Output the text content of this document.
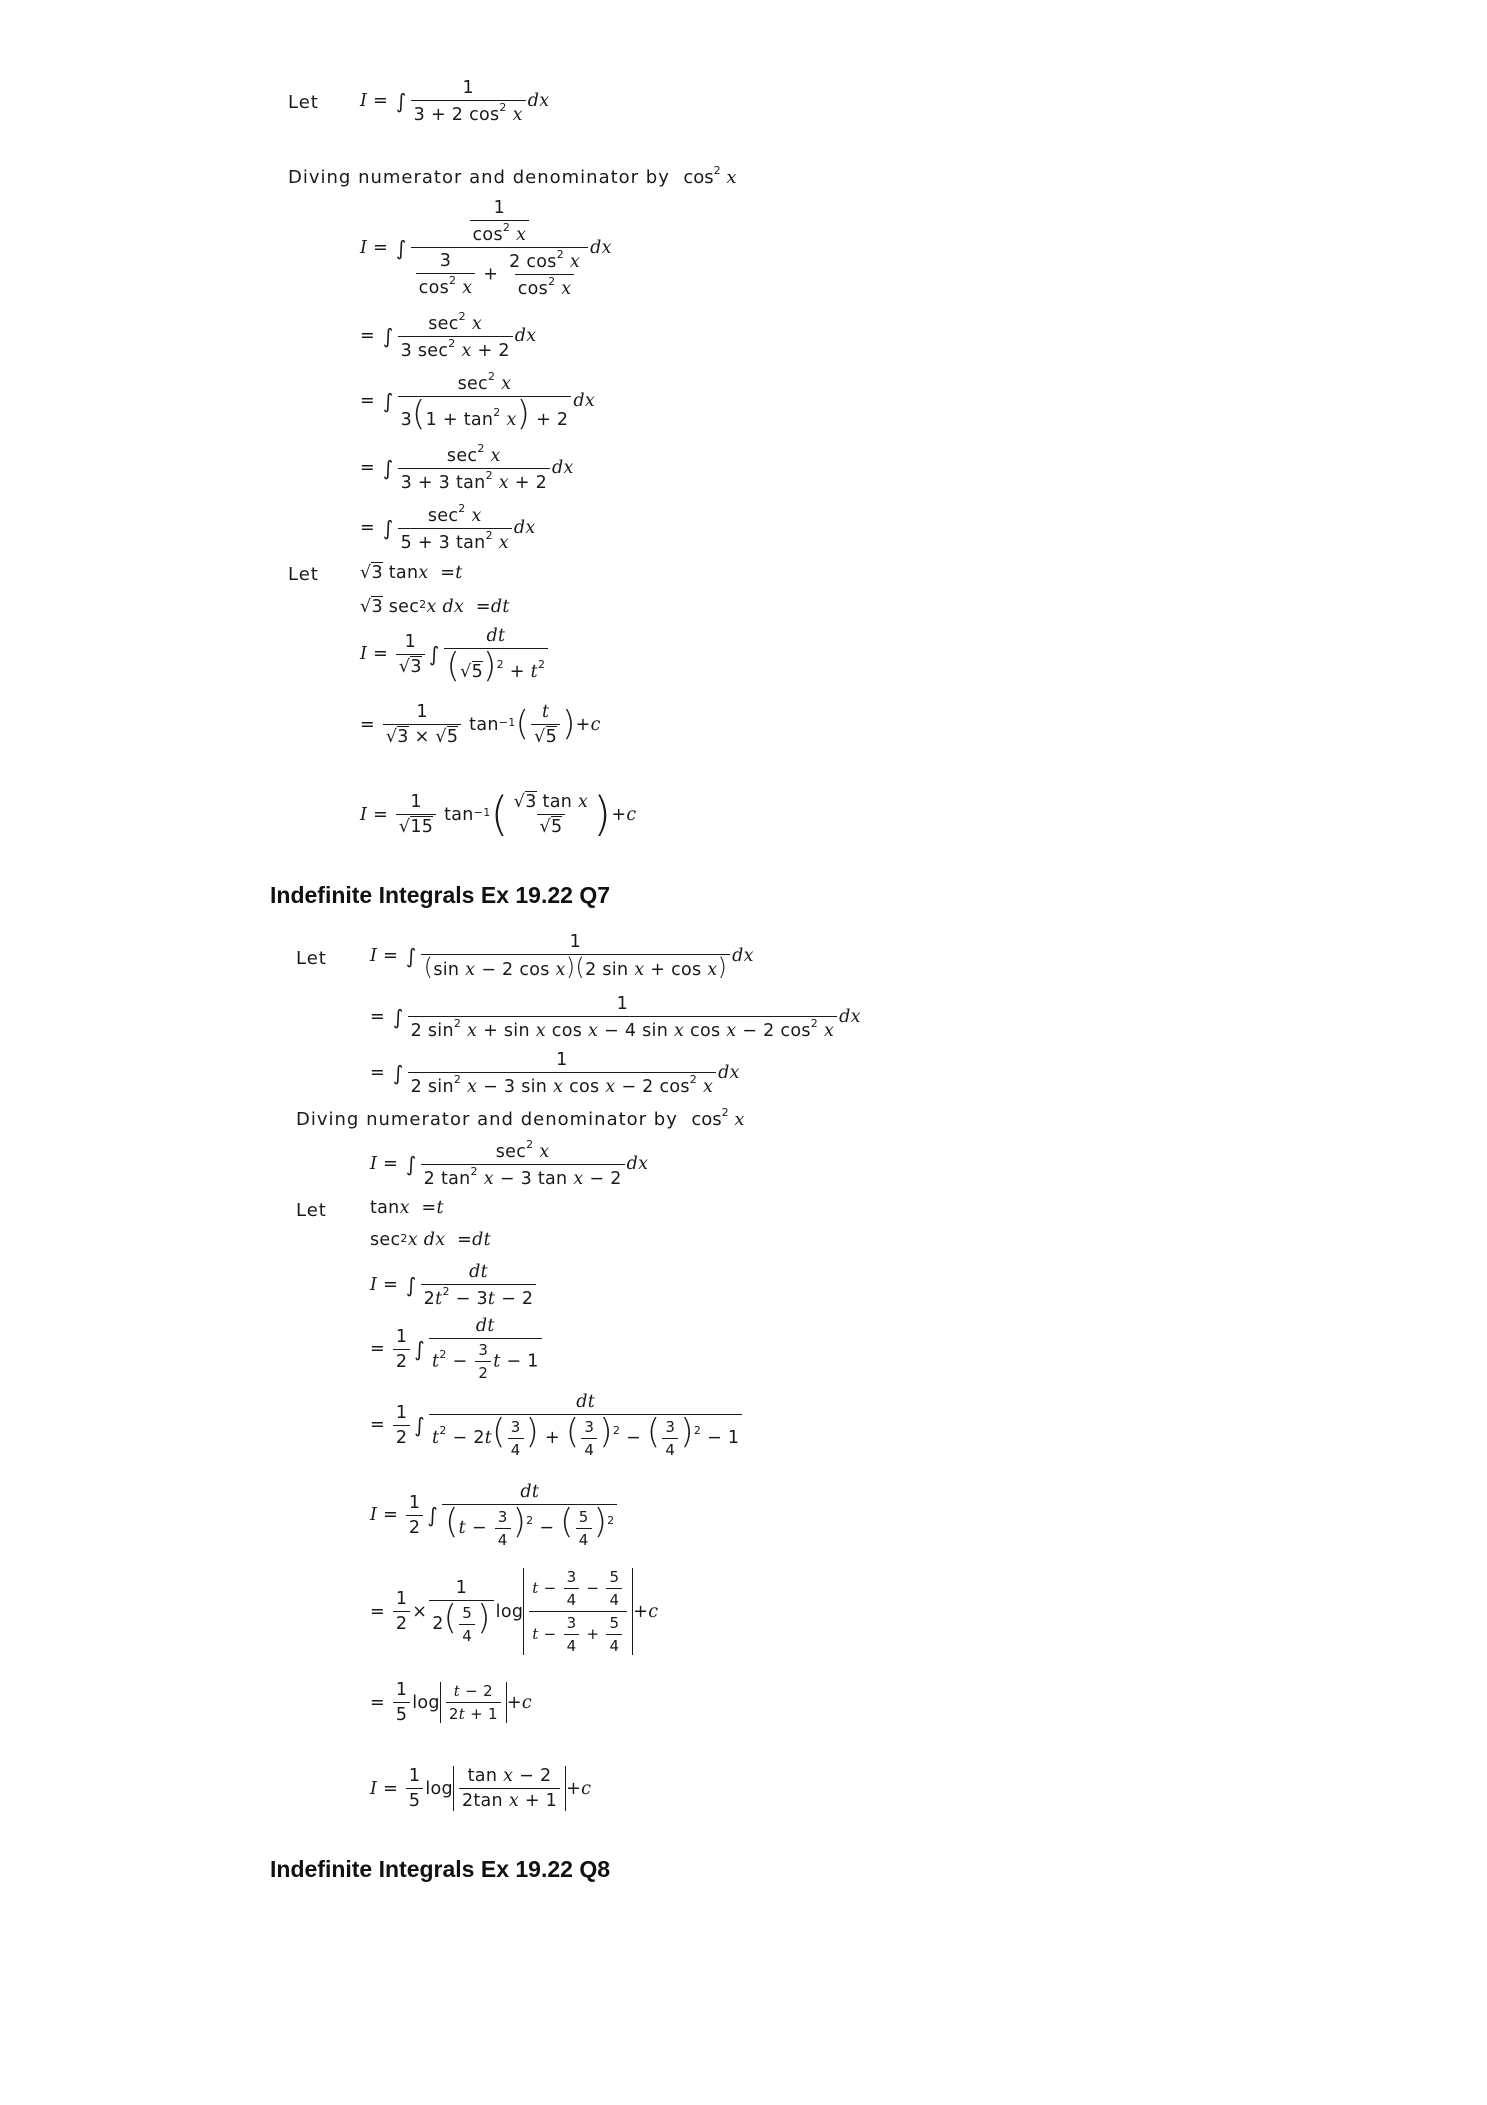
Let I = ∫ $\frac{1}{3 + 2 \cos^2 x}$ dx
Diving numerator and denominator by $\cos^2 x$
I = ∫ $\frac{\frac{1}{\cos^2 x}}{\frac{3}{\cos^2 x} + \frac{2 \cos^2 x}{\cos^2 x}}$ dx
= ∫ $\frac{\sec^2 x}{3 \sec^2 x + 2}$ dx
= ∫ $\frac{\sec^2 x}{3(1 + \tan^2 x) + 2}$ dx
= ∫ $\frac{\sec^2 x}{3 + 3 \tan^2 x + 2}$ dx
= ∫ $\frac{\sec^2 x}{5 + 3 \tan^2 x}$ dx
Let √	3 tan x = t
√
3 $\sec^2 x$ dx = dt
I = 1
√ 3 ∫ $\frac{dt}{( √ 5)^2 + t^2}$
= 1
√ 3 × √ 5 $\tan^{-1}$ ( t
√ 5 ) + c
I = 1
√ 15 $\tan^{-1}$ ( √ 3 tan x
√ 5 ) + c
Indefinite Integrals Ex 19.22 Q7
Let I = ∫ $\frac{1}{\text{(sin x − 2 cos x)(2 sin x + cos x)}}$ dx
= ∫ $\frac{1}{2 \sin^2 x + \sin x \cos x - 4 \sin x \cos x - 2 \cos^2 x}$ dx
= ∫ $\frac{1}{2 \sin^2 x - 3 \sin x \cos x - 2 \cos^2 x}$ dx
Diving numerator and denominator by $\cos^2 x$
I = ∫ $\frac{\sec^2 x}{2 \tan^2 x - 3 \tan x - 2}$ dx
Let tan x = t
$\sec^2 x$ dx = dt
I = ∫ $\frac{dt}{2t^2 - 3t - 2}$
= $\frac{1}{2}$ ∫ $\frac{dt}{t^2 - \frac{3}{2} t - 1}$
= $\frac{1}{2}$ ∫ $\frac{dt}{t^2 - 2t( \frac{3}{4} ) + ( \frac{3}{4} )^2 - ( \frac{3}{4} )^2 - 1}$
$I = \frac{1}{2}$ ∫ $\frac{dt}{(t - \frac{3}{4} )^2 - ( \frac{5}{4} )^2}$
= $\frac{1}{2} \times \frac{1}{2( \frac{5}{4} )}$ $\log \frac{t - \frac{3}{4} - \frac{5}{4}}{t - \frac{3}{4} + \frac{5}{4}} + c$
= $\frac{1}{5}$ $\log \frac{t - 2}{2t + 1} + c$
$I = \frac{1}{5}$ $\log \frac{\text{tan x − 2}}{\text{2tan x + 1}} + c$
Indefinite Integrals Ex 19.22 Q8
